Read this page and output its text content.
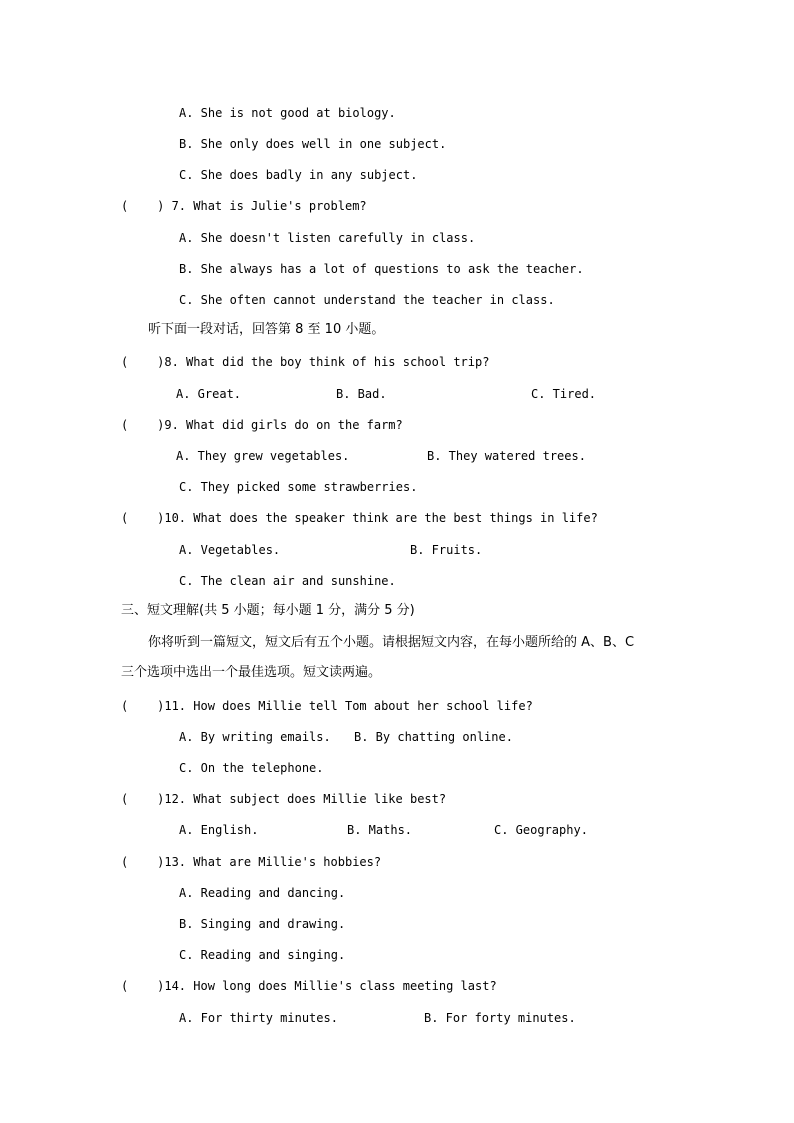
A. She is not good at biology.
B. She only does well in one subject.
C. She does badly in any subject.
(    ) 7. What is Julie's problem?
A. She doesn't listen carefully in class.
B. She always has a lot of questions to ask the teacher.
C. She often cannot understand the teacher in class.
听下面一段对话，回答第 8 至 10 小题。
(    )8. What did the boy think of his school trip?
A. Great.	B. Bad.	C. Tired.
(    )9. What did girls do on the farm?
A. They grew vegetables.	B. They watered trees.
C. They picked some strawberries.
(    )10. What does the speaker think are the best things in life?
A. Vegetables.	B. Fruits.
C. The clean air and sunshine.
三、短文理解(共 5 小题；每小题 1 分，满分 5 分)
你将听到一篇短文，短文后有五个小题。请根据短文内容，在每小题所给的 A、B、C
三个选项中选出一个最佳选项。短文读两遍。
(    )11. How does Millie tell Tom about her school life?
A. By writing emails. B. By chatting online.
C. On the telephone.
(    )12. What subject does Millie like best?
A. English.	B. Maths.	C. Geography.
(    )13. What are Millie's hobbies?
A. Reading and dancing.
B. Singing and drawing.
C. Reading and singing.
(    )14. How long does Millie's class meeting last?
A. For thirty minutes.	B. For forty minutes.
